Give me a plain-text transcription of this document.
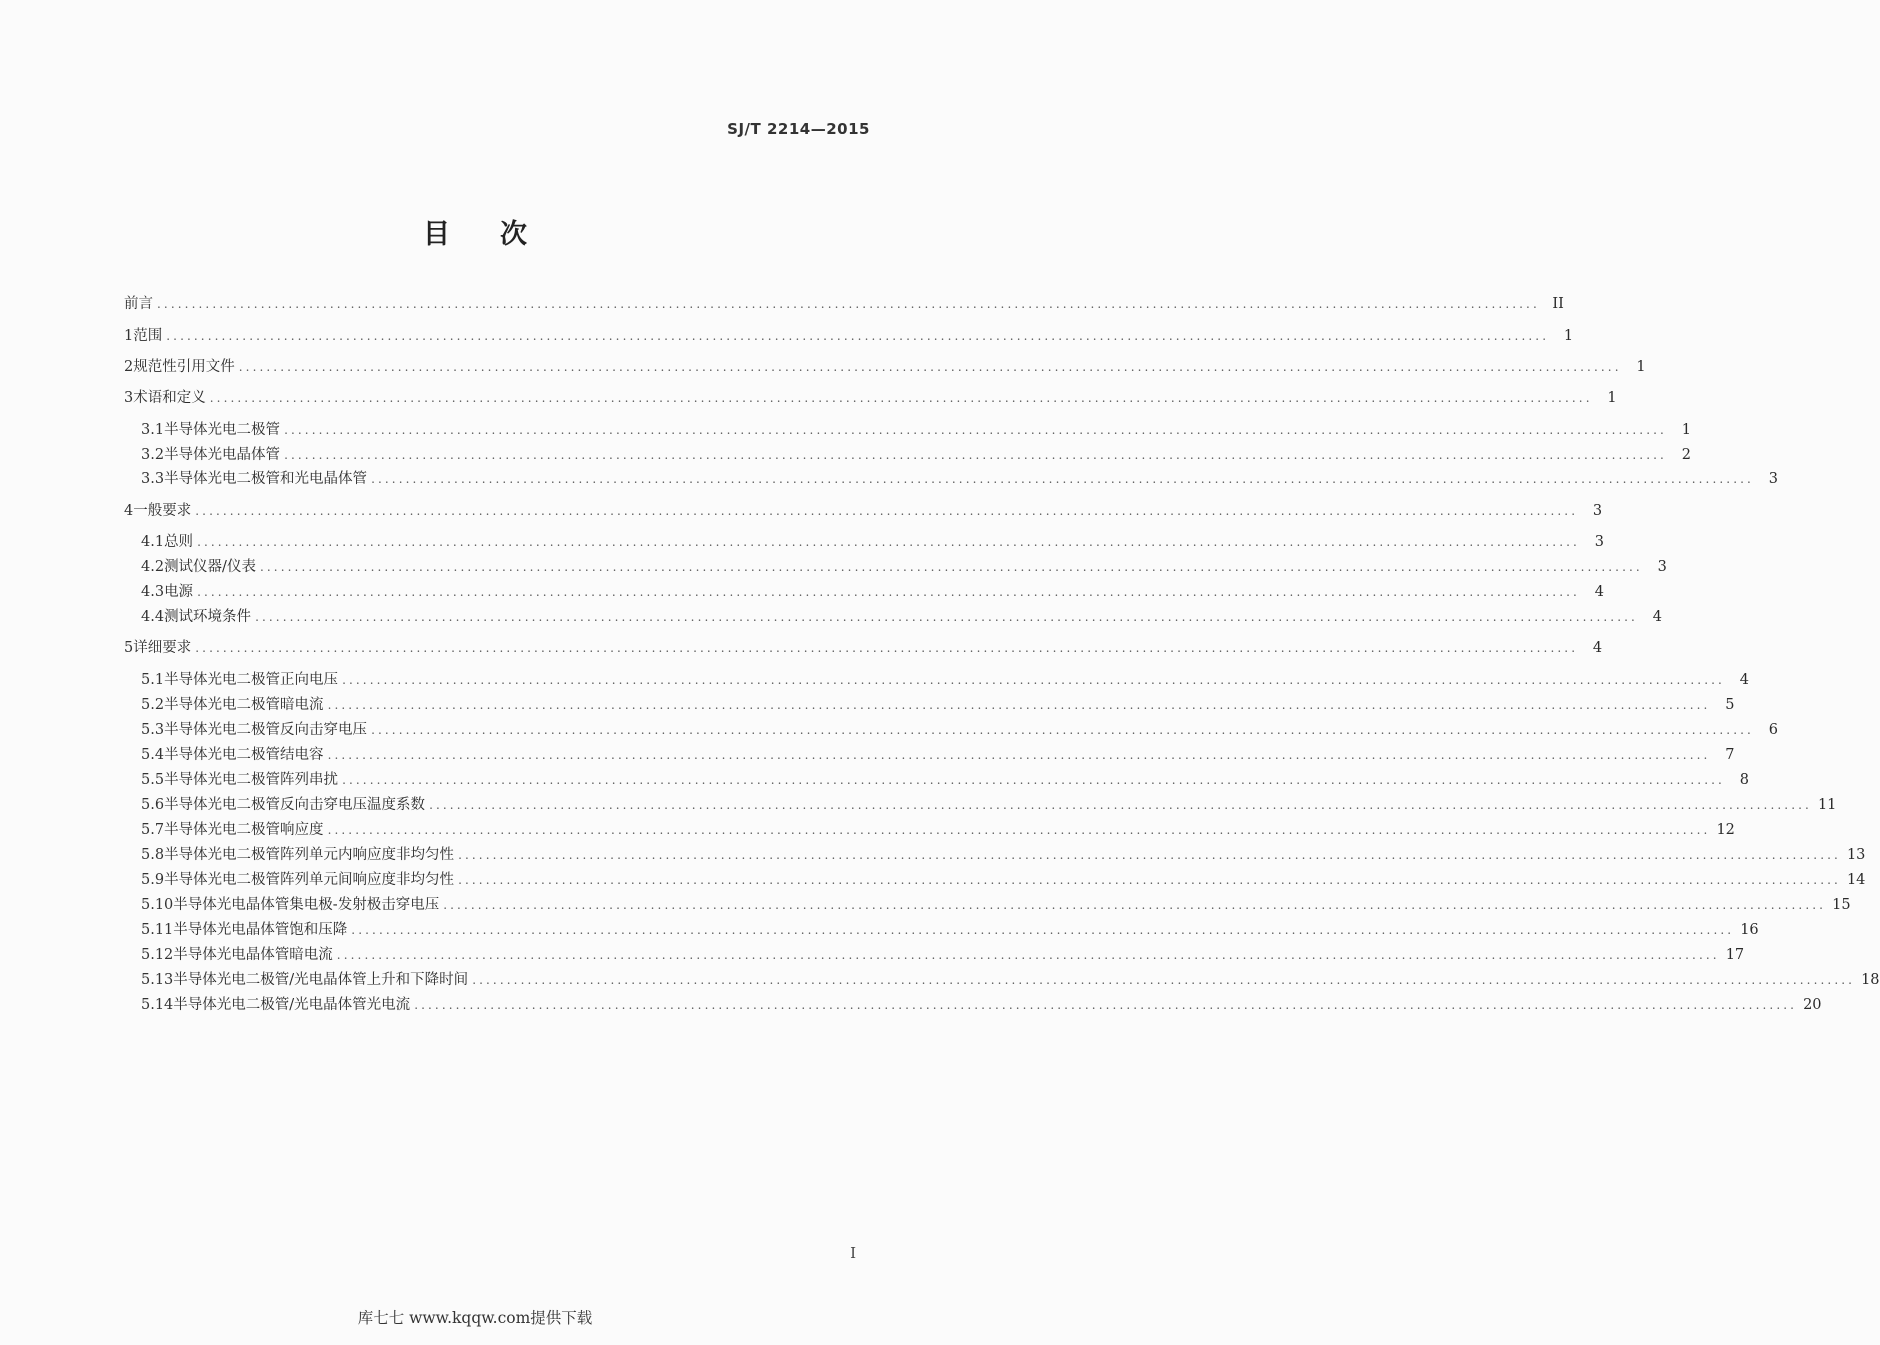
SJ/T 2214—2015
目 次
前言 ........................................................................................................................................................................................................ II
1 范围 ........................................................................................................................................................................................................	1
2 规范性引用文件 ........................................................................................................................................................................................................	1
3 术语和定义 ........................................................................................................................................................................................................	1
3.1 半导体光电二极管 ........................................................................................................................................................................................................	1
3.2 半导体光电晶体管 ........................................................................................................................................................................................................	2
3.3 半导体光电二极管和光电晶体管 ........................................................................................................................................................................................................	3
4 一般要求 ........................................................................................................................................................................................................	3
4.1 总则 ........................................................................................................................................................................................................	3
4.2 测试仪器/仪表 ........................................................................................................................................................................................................	3
4.3 电源 ........................................................................................................................................................................................................	4
4.4 测试环境条件 ........................................................................................................................................................................................................	4
5 详细要求 ........................................................................................................................................................................................................	4
5.1 半导体光电二极管正向电压 ........................................................................................................................................................................................................	4
5.2 半导体光电二极管暗电流 ........................................................................................................................................................................................................	5
5.3 半导体光电二极管反向击穿电压 ........................................................................................................................................................................................................	6
5.4 半导体光电二极管结电容 ........................................................................................................................................................................................................	7
5.5 半导体光电二极管阵列串扰 ........................................................................................................................................................................................................	8
5.6 半导体光电二极管反向击穿电压温度系数 ........................................................................................................................................................................................................ 11
5.7 半导体光电二极管响应度 ........................................................................................................................................................................................................ 12
5.8 半导体光电二极管阵列单元内响应度非均匀性 ........................................................................................................................................................................................................ 13
5.9 半导体光电二极管阵列单元间响应度非均匀性 ........................................................................................................................................................................................................ 14
5.10 半导体光电晶体管集电极-发射极击穿电压 ........................................................................................................................................................................................................ 15
5.11 半导体光电晶体管饱和压降 ........................................................................................................................................................................................................ 16
5.12 半导体光电晶体管暗电流 ........................................................................................................................................................................................................ 17
5.13 半导体光电二极管/光电晶体管上升和下降时间 ........................................................................................................................................................................................................ 18
5.14 半导体光电二极管/光电晶体管光电流 ........................................................................................................................................................................................................ 20
I
库七七 www.kqqw.com提供下载
